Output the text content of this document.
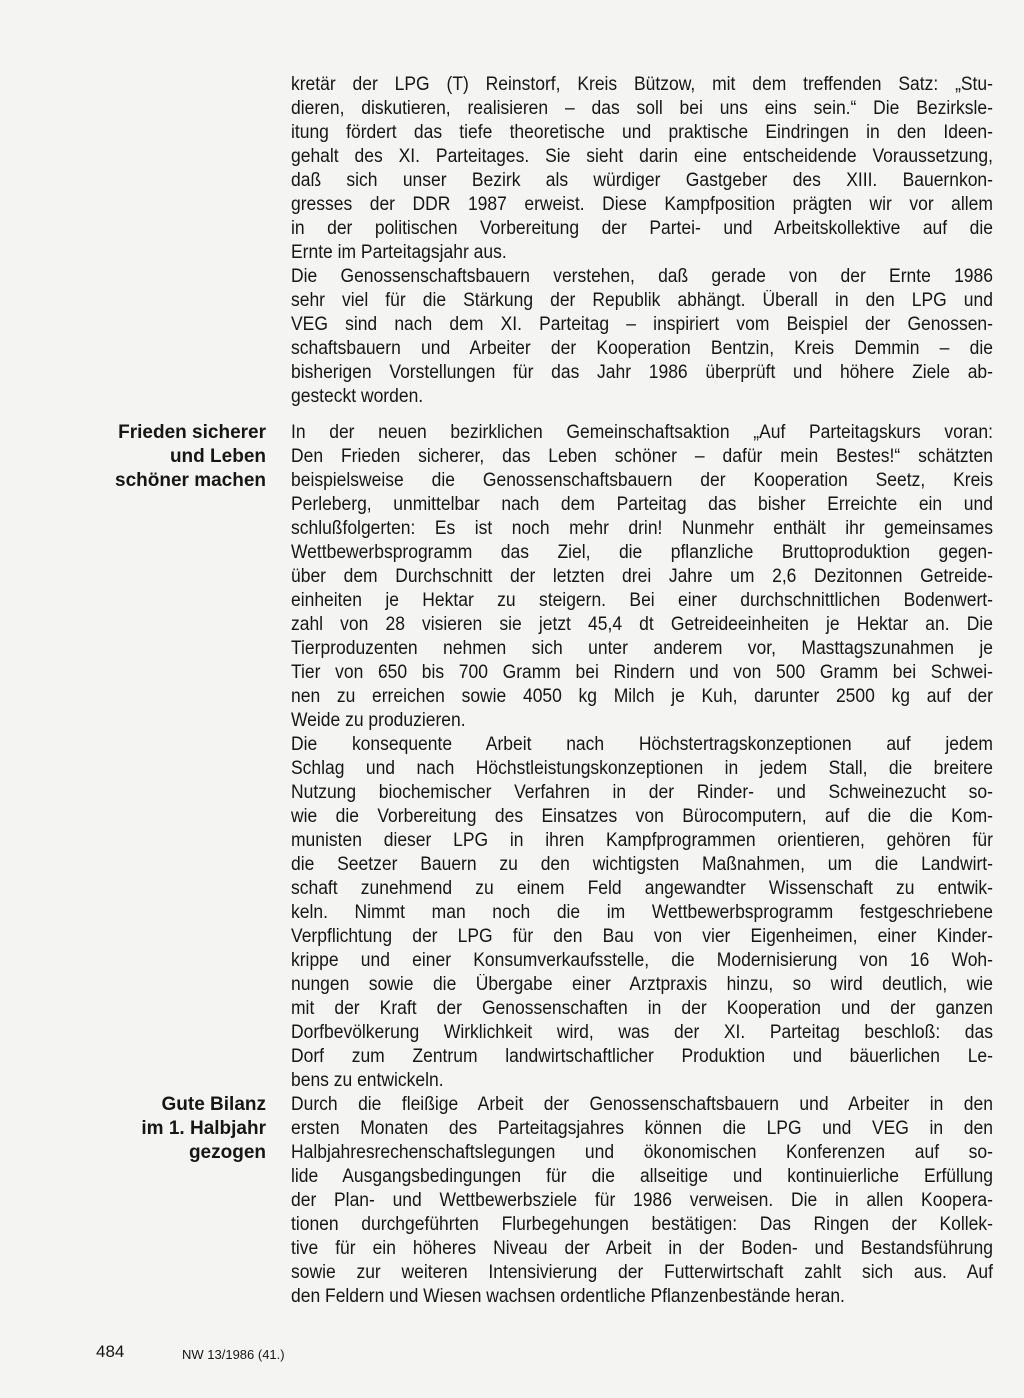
kretär der LPG (T) Reinstorf, Kreis Bützow, mit dem treffenden Satz: „Stu-
dieren, diskutieren, realisieren – das soll bei uns eins sein.“ Die Bezirksle-
itung fördert das tiefe theoretische und praktische Eindringen in den Ideen-
gehalt des XI. Parteitages. Sie sieht darin eine entscheidende Voraussetzung,
daß sich unser Bezirk als würdiger Gastgeber des XIII. Bauernkon-
gresses der DDR 1987 erweist. Diese Kampfposition prägten wir vor allem
in der politischen Vorbereitung der Partei- und Arbeitskollektive auf die
Ernte im Parteitagsjahr aus.
Die Genossenschaftsbauern verstehen, daß gerade von der Ernte 1986
sehr viel für die Stärkung der Republik abhängt. Überall in den LPG und
VEG sind nach dem XI. Parteitag – inspiriert vom Beispiel der Genossen-
schaftsbauern und Arbeiter der Kooperation Bentzin, Kreis Demmin – die
bisherigen Vorstellungen für das Jahr 1986 überprüft und höhere Ziele ab-
gesteckt worden.
Frieden sicherer
und Leben
schöner machen
In der neuen bezirklichen Gemeinschaftsaktion „Auf Parteitagskurs voran:
Den Frieden sicherer, das Leben schöner – dafür mein Bestes!“ schätzten
beispielsweise die Genossenschaftsbauern der Kooperation Seetz, Kreis
Perleberg, unmittelbar nach dem Parteitag das bisher Erreichte ein und
schlußfolgerten: Es ist noch mehr drin! Nunmehr enthält ihr gemeinsames
Wettbewerbsprogramm das Ziel, die pflanzliche Bruttoproduktion gegen-
über dem Durchschnitt der letzten drei Jahre um 2,6 Dezitonnen Getreide-
einheiten je Hektar zu steigern. Bei einer durchschnittlichen Bodenwert-
zahl von 28 visieren sie jetzt 45,4 dt Getreideeinheiten je Hektar an. Die
Tierproduzenten nehmen sich unter anderem vor, Masttagszunahmen je
Tier von 650 bis 700 Gramm bei Rindern und von 500 Gramm bei Schwei-
nen zu erreichen sowie 4050 kg Milch je Kuh, darunter 2500 kg auf der
Weide zu produzieren.
Die konsequente Arbeit nach Höchstertragskonzeptionen auf jedem
Schlag und nach Höchstleistungskonzeptionen in jedem Stall, die breitere
Nutzung biochemischer Verfahren in der Rinder- und Schweinezucht so-
wie die Vorbereitung des Einsatzes von Bürocomputern, auf die die Kom-
munisten dieser LPG in ihren Kampfprogrammen orientieren, gehören für
die Seetzer Bauern zu den wichtigsten Maßnahmen, um die Landwirt-
schaft zunehmend zu einem Feld angewandter Wissenschaft zu entwik-
keln. Nimmt man noch die im Wettbewerbsprogramm festgeschriebene
Verpflichtung der LPG für den Bau von vier Eigenheimen, einer Kinder-
krippe und einer Konsumverkaufsstelle, die Modernisierung von 16 Woh-
nungen sowie die Übergabe einer Arztpraxis hinzu, so wird deutlich, wie
mit der Kraft der Genossenschaften in der Kooperation und der ganzen
Dorfbevölkerung Wirklichkeit wird, was der XI. Parteitag beschloß: das
Dorf zum Zentrum landwirtschaftlicher Produktion und bäuerlichen Le-
bens zu entwickeln.
Gute Bilanz
im 1. Halbjahr
gezogen
Durch die fleißige Arbeit der Genossenschaftsbauern und Arbeiter in den
ersten Monaten des Parteitagsjahres können die LPG und VEG in den
Halbjahresrechenschaftslegungen und ökonomischen Konferenzen auf so-
lide Ausgangsbedingungen für die allseitige und kontinuierliche Erfüllung
der Plan- und Wettbewerbsziele für 1986 verweisen. Die in allen Koopera-
tionen durchgeführten Flurbegehungen bestätigen: Das Ringen der Kollek-
tive für ein höheres Niveau der Arbeit in der Boden- und Bestandsführung
sowie zur weiteren Intensivierung der Futterwirtschaft zahlt sich aus. Auf
den Feldern und Wiesen wachsen ordentliche Pflanzenbestände heran.
484	NW 13/1986 (41.)
